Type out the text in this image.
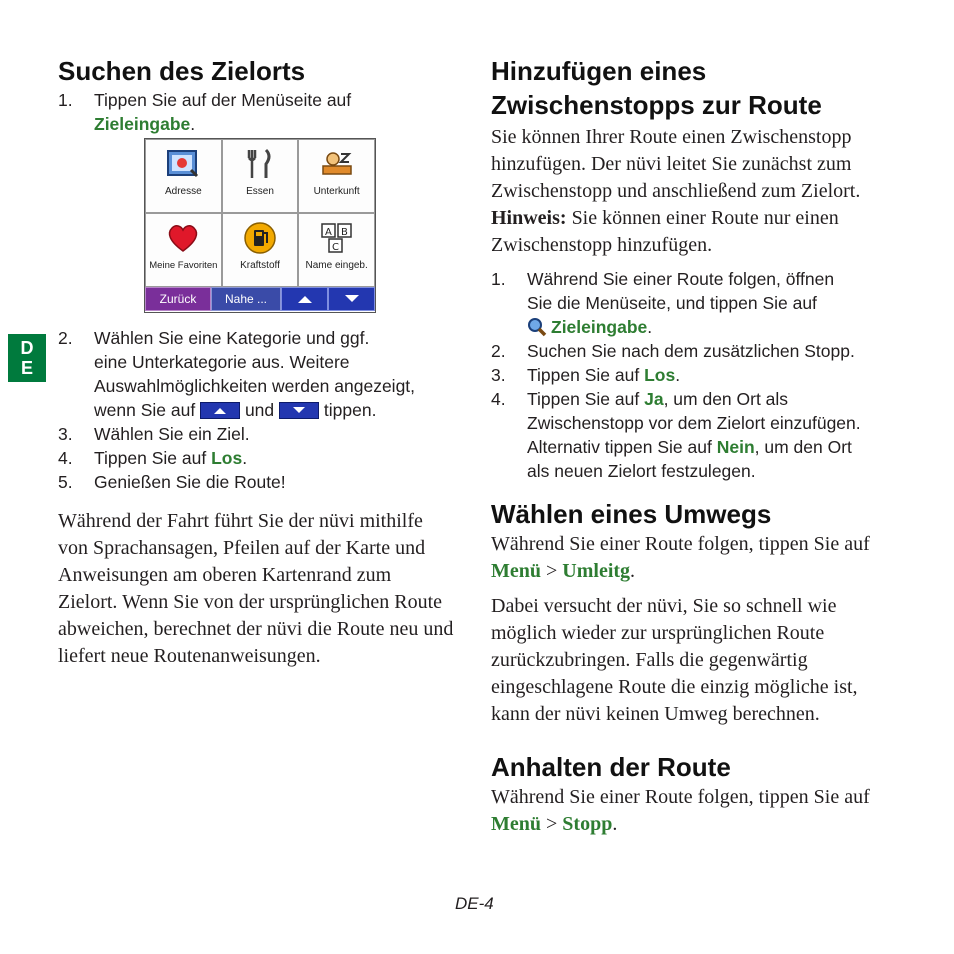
D
E
Suchen des Zielorts
1. Tippen Sie auf der Menüseite auf
Zieleingabe.
Adresse	Essen	Unterkunft
Meine Favoriten Kraftstoff
A B
C
Name eingeb.
Zurück	Nahe ...
2. Wählen Sie eine Kategorie und ggf.
eine Unterkategorie aus. Weitere
Auswahlmöglichkeiten werden angezeigt,
wenn Sie auf	und	tippen.
3. Wählen Sie ein Ziel.
4. Tippen Sie auf Los.
5. Genießen Sie die Route!

Während der Fahrt führt Sie der nüvi mithilfe
von Sprachansagen, Pfeilen auf der Karte und
Anweisungen am oberen Kartenrand zum
Zielort. Wenn Sie von der ursprünglichen Route
abweichen, berechnet der nüvi die Route neu und
liefert neue Routenanweisungen.

Hinzufügen eines
Zwischenstopps zur Route

Sie können Ihrer Route einen Zwischenstopp
hinzufügen. Der nüvi leitet Sie zunächst zum
Zwischenstopp und anschließend zum Zielort.
Hinweis: Sie können einer Route nur einen
Zwischenstopp hinzufügen.

1. Während Sie einer Route folgen, öffnen
Sie die Menüseite, und tippen Sie auf
Zieleingabe.
2. Suchen Sie nach dem zusätzlichen Stopp.
3. Tippen Sie auf Los.
4. Tippen Sie auf Ja, um den Ort als
Zwischenstopp vor dem Zielort einzufügen.
Alternativ tippen Sie auf Nein, um den Ort
als neuen Zielort festzulegen.
Wählen eines Umwegs

Während Sie einer Route folgen, tippen Sie auf
Menü > Umleitg.

Dabei versucht der nüvi, Sie so schnell wie
möglich wieder zur ursprünglichen Route
zurückzubringen. Falls die gegenwärtig
eingeschlagene Route die einzig mögliche ist,
kann der nüvi keinen Umweg berechnen.

Anhalten der Route

Während Sie einer Route folgen, tippen Sie auf
Menü > Stopp.

DE-4
